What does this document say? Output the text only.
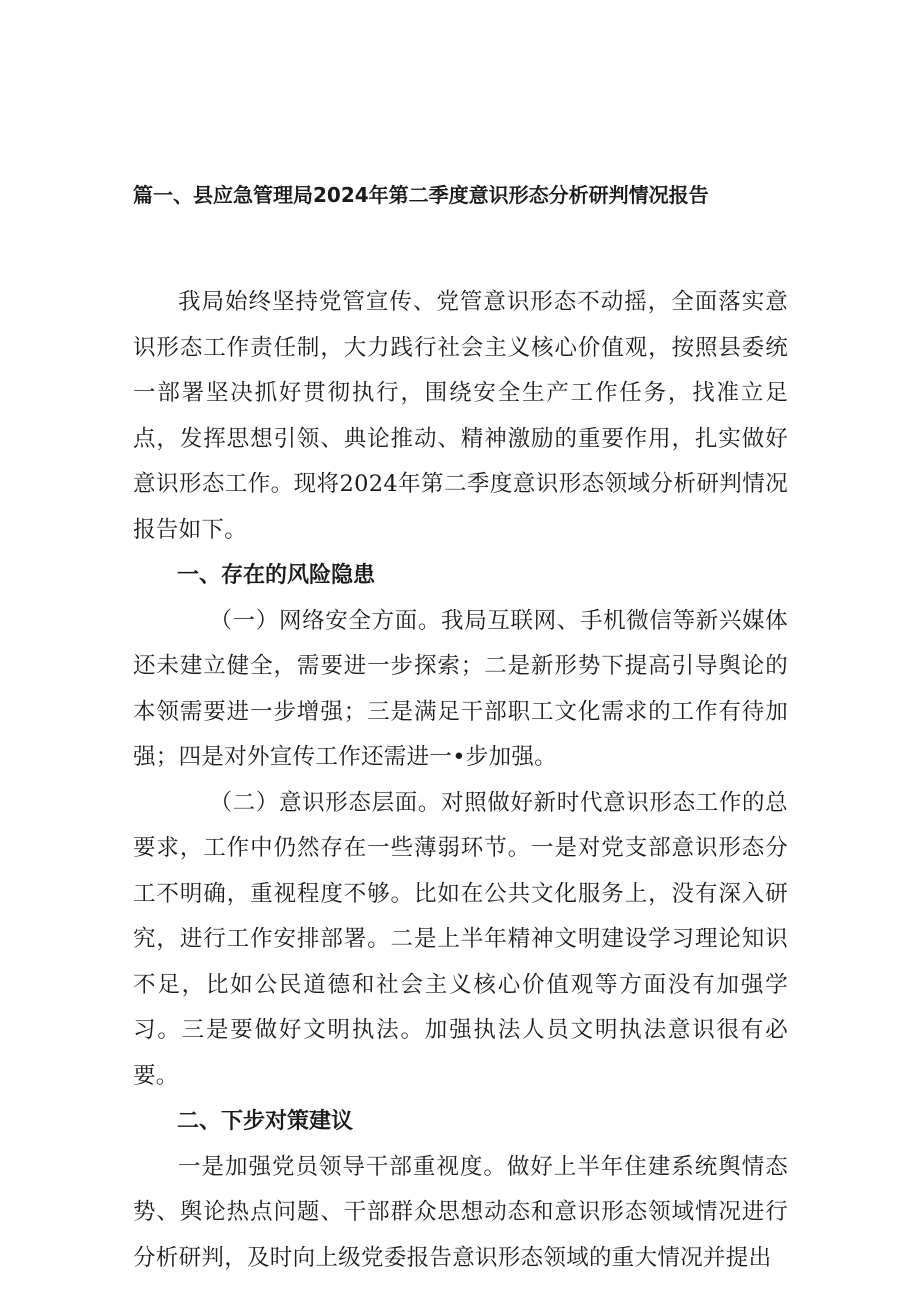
篇一、县应急管理局2024年第二季度意识形态分析研判情况报告

我局始终坚持党管宣传、党管意识形态不动摇，全面落实意识形态工作责任制，大力践行社会主义核心价值观，按照县委统一部署坚决抓好贯彻执行，围绕安全生产工作任务，找准立足点，发挥思想引领、典论推动、精神激励的重要作用，扎实做好意识形态工作。现将2024年第二季度意识形态领域分析研判情况报告如下。

一、存在的风险隐患

（一）网络安全方面。我局互联网、手机微信等新兴媒体还未建立健全，需要进一步探索；二是新形势下提高引导舆论的本领需要进一步增强；三是满足干部职工文化需求的工作有待加强；四是对外宣传工作还需进一•步加强。

（二）意识形态层面。对照做好新时代意识形态工作的总要求，工作中仍然存在一些薄弱环节。一是对党支部意识形态分工不明确，重视程度不够。比如在公共文化服务上，没有深入研究，进行工作安排部署。二是上半年精神文明建设学习理论知识不足，比如公民道德和社会主义核心价值观等方面没有加强学习。三是要做好文明执法。加强执法人员文明执法意识很有必要。

二、下步对策建议

一是加强党员领导干部重视度。做好上半年住建系统舆情态势、舆论热点问题、干部群众思想动态和意识形态领域情况进行分析研判，及时向上级党委报告意识形态领域的重大情况并提出
